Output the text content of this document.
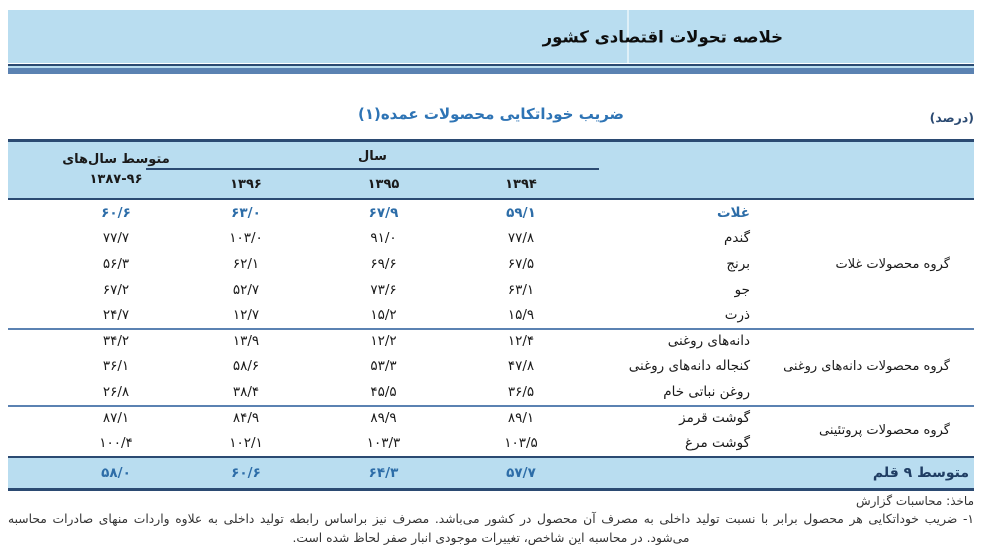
خلاصه تحولات اقتصادی کشور
(درصد)
ضریب خوداتکایی محصولات عمده(۱)
متوسط سال‌های
۱۳۸۷-۹۶
سال
۱۳۹۶	۱۳۹۵	۱۳۹۴
۶۰/۶	۶۳/۰	۶۷/۹	۵۹/۱	غلات
۷۷/۷	۱۰۳/۰	۹۱/۰	۷۷/۸	گندم
۵۶/۳	۶۲/۱	۶۹/۶	۶۷/۵	برنج
۶۷/۲	۵۲/۷	۷۳/۶	۶۳/۱	جو
۲۴/۷	۱۲/۷	۱۵/۲	۱۵/۹	ذرت
۳۴/۲	۱۳/۹	۱۲/۲	۱۲/۴	دانه‌های روغنی
۳۶/۱	۵۸/۶	۵۳/۳	۴۷/۸	کنجاله دانه‌های روغنی
۲۶/۸	۳۸/۴	۴۵/۵	۳۶/۵	روغن نباتی خام
۸۷/۱	۸۴/۹	۸۹/۹	۸۹/۱	گوشت قرمز
۱۰۰/۴	۱۰۲/۱	۱۰۳/۳	۱۰۳/۵	گوشت مرغ
گروه محصولات غلات
گروه محصولات دانه‌های روغنی
گروه محصولات پروتئینی
۵۸/۰	۶۰/۶	۶۴/۳	۵۷/۷	متوسط ۹ قلم
ماخذ: محاسبات گزارش
۱- ضریب خوداتکایی هر محصول برابر با نسبت تولید داخلی به مصرف آن محصول در کشور می‌باشد. مصرف نیز براساس رابطه تولید داخلی به علاوه واردات منهای صادرات محاسبه
می‌شود. در محاسبه این شاخص، تغییرات موجودی انبار صفر لحاظ شده است.
